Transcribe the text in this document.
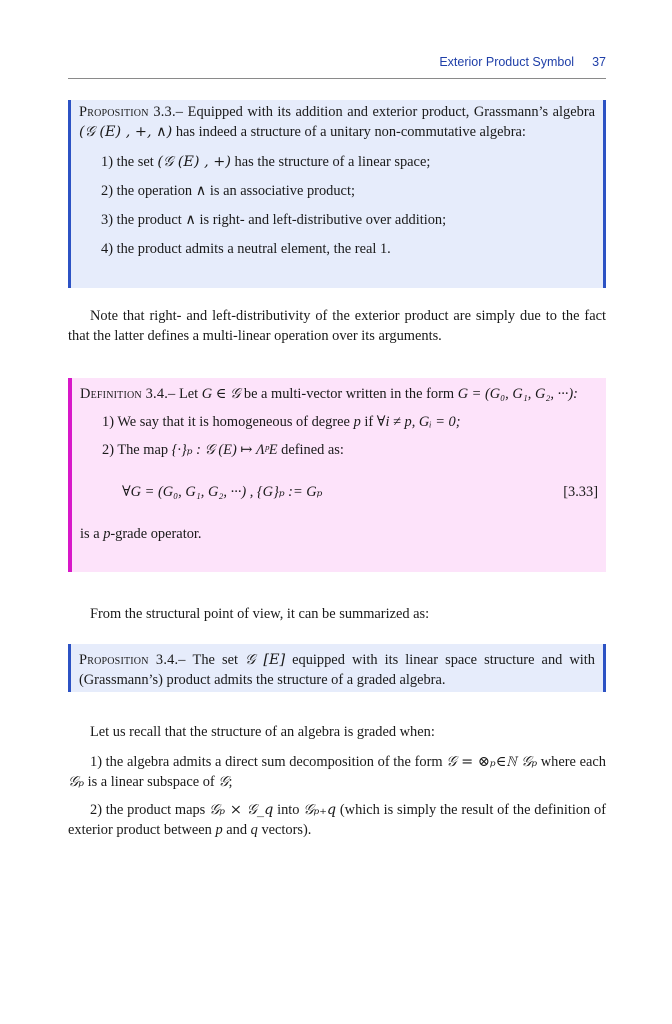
Exterior Product Symbol 37

Proposition 3.3.– Equipped with its addition and exterior product, Grassmann’s algebra (𝒢 (E) , +, ∧) has indeed a structure of a unitary non-commutative algebra:

1) the set (𝒢 (E) , +) has the structure of a linear space;

2) the operation ∧ is an associative product;

3) the product ∧ is right- and left-distributive over addition;

4) the product admits a neutral element, the real 1.

Note that right- and left-distributivity of the exterior product are simply due to the fact that the latter defines a multi-linear operation over its arguments.

Definition 3.4.– Let G ∈ 𝒢 be a multi-vector written in the form G = (G₀, G₁, G₂, ···):

1) We say that it is homogeneous of degree p if ∀i ≠ p, Gᵢ = 0;

2) The map {·}ₚ : 𝒢 (E) ↦ ΛᵖE defined as:

∀G = (G₀, G₁, G₂, ···) , {G}ₚ := Gₚ	[3.33]

is a p-grade operator.

From the structural point of view, it can be summarized as:

Proposition 3.4.– The set 𝒢 [E] equipped with its linear space structure and with (Grassmann’s) product admits the structure of a graded algebra.

Let us recall that the structure of an algebra is graded when:

1) the algebra admits a direct sum decomposition of the form 𝒢 = ⊗ₚ∈ℕ 𝒢ₚ where each 𝒢ₚ is a linear subspace of 𝒢;

2) the product maps 𝒢ₚ × 𝒢_q into 𝒢ₚ₊q (which is simply the result of the definition of exterior product between p and q vectors).
